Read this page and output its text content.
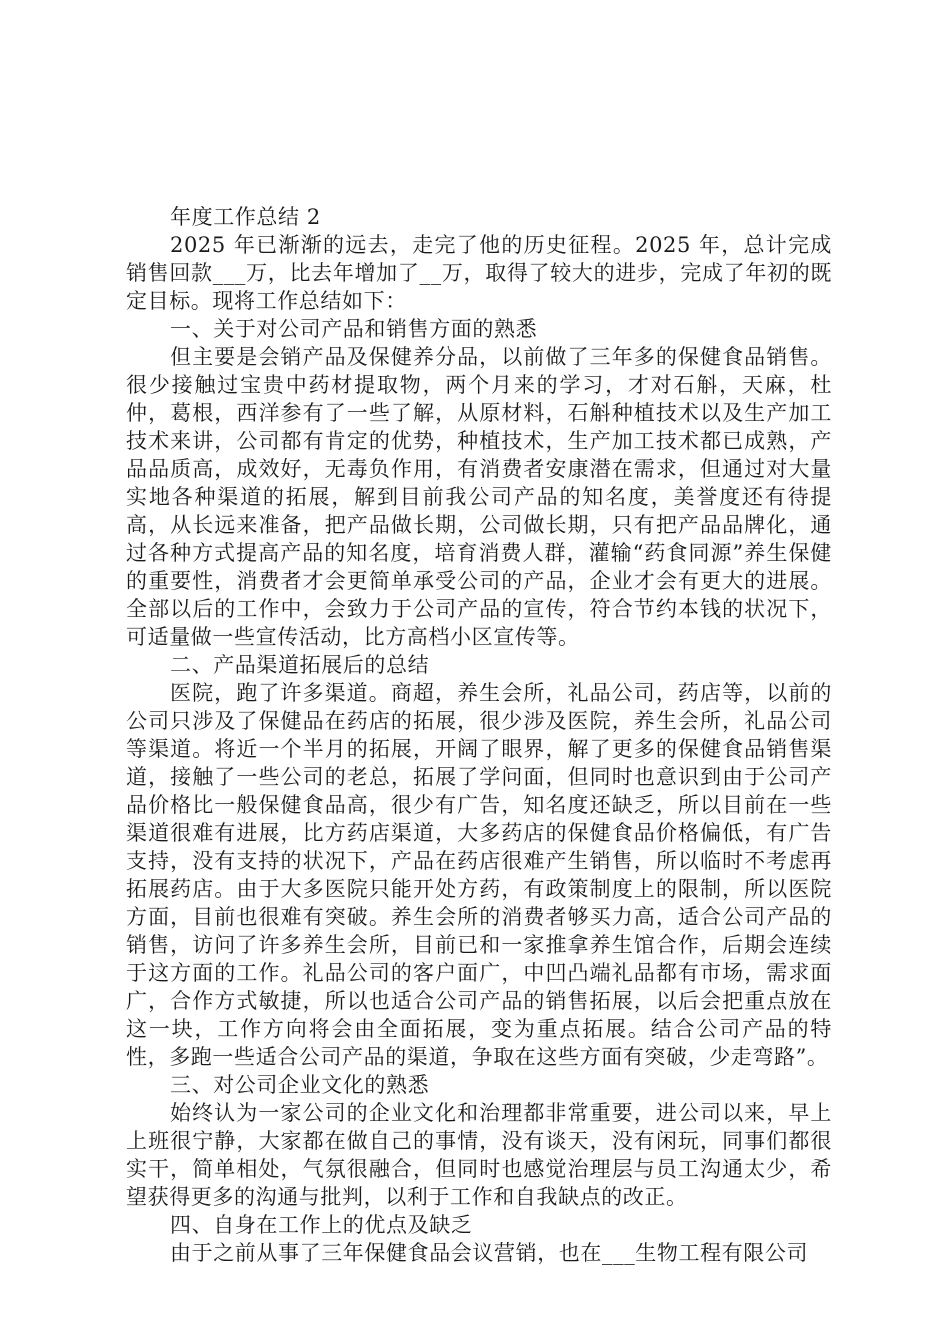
年度工作总结 2

2025 年已渐渐的远去，走完了他的历史征程。2025 年，总计完成销售回款___万，比去年增加了__万，取得了较大的进步，完成了年初的既定目标。现将工作总结如下：

一、关于对公司产品和销售方面的熟悉

但主要是会销产品及保健养分品，以前做了三年多的保健食品销售。很少接触过宝贵中药材提取物，两个月来的学习，才对石斛，天麻，杜仲，葛根，西洋参有了一些了解，从原材料，石斛种植技术以及生产加工技术来讲，公司都有肯定的优势，种植技术，生产加工技术都已成熟，产品品质高，成效好，无毒负作用，有消费者安康潜在需求，但通过对大量实地各种渠道的拓展，解到目前我公司产品的知名度，美誉度还有待提高，从长远来准备，把产品做长期，公司做长期，只有把产品品牌化，通过各种方式提高产品的知名度，培育消费人群，灌输“药食同源”养生保健的重要性，消费者才会更简单承受公司的产品，企业才会有更大的进展。全部以后的工作中，会致力于公司产品的宣传，符合节约本钱的状况下，可适量做一些宣传活动，比方高档小区宣传等。

二、产品渠道拓展后的总结

医院，跑了许多渠道。商超，养生会所，礼品公司，药店等，以前的公司只涉及了保健品在药店的拓展，很少涉及医院，养生会所，礼品公司等渠道。将近一个半月的拓展，开阔了眼界，解了更多的保健食品销售渠道，接触了一些公司的老总，拓展了学问面，但同时也意识到由于公司产品价格比一般保健食品高，很少有广告，知名度还缺乏，所以目前在一些渠道很难有进展，比方药店渠道，大多药店的保健食品价格偏低，有广告支持，没有支持的状况下，产品在药店很难产生销售，所以临时不考虑再拓展药店。由于大多医院只能开处方药，有政策制度上的限制，所以医院方面，目前也很难有突破。养生会所的消费者够买力高，适合公司产品的销售，访问了许多养生会所，目前已和一家推拿养生馆合作，后期会连续于这方面的工作。礼品公司的客户面广，中凹凸端礼品都有市场，需求面广，合作方式敏捷，所以也适合公司产品的销售拓展，以后会把重点放在这一块，工作方向将会由全面拓展，变为重点拓展。结合公司产品的特性，多跑一些适合公司产品的渠道，争取在这些方面有突破，少走弯路”。

三、对公司企业文化的熟悉

始终认为一家公司的企业文化和治理都非常重要，进公司以来，早上上班很宁静，大家都在做自己的事情，没有谈天，没有闲玩，同事们都很实干，简单相处，气氛很融合，但同时也感觉治理层与员工沟通太少，希望获得更多的沟通与批判，以利于工作和自我缺点的改正。

四、自身在工作上的优点及缺乏

由于之前从事了三年保健食品会议营销，也在___生物工程有限公司
